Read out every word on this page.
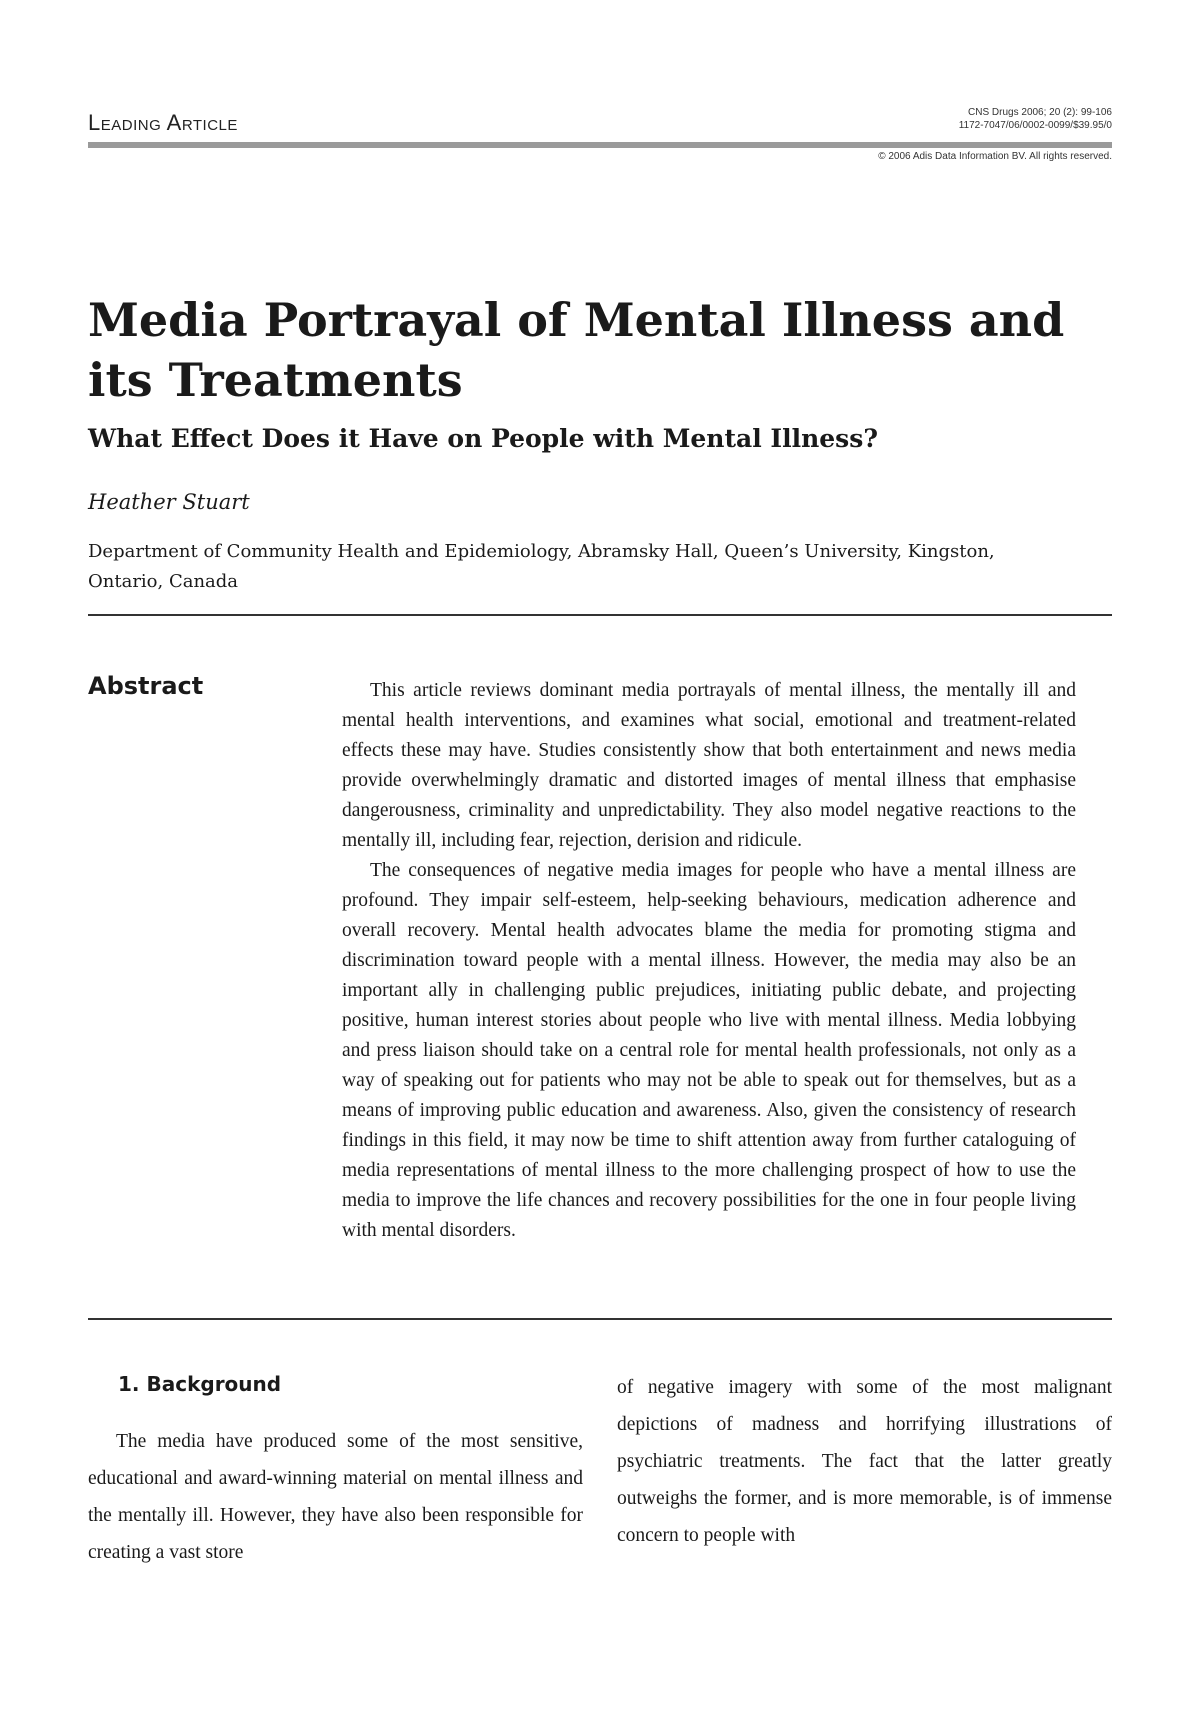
Leading Article	CNS Drugs 2006; 20 (2): 99-106
1172-7047/06/0002-0099/$39.95/0
© 2006 Adis Data Information BV. All rights reserved.
Media Portrayal of Mental Illness and its Treatments
What Effect Does it Have on People with Mental Illness?
Heather Stuart
Department of Community Health and Epidemiology, Abramsky Hall, Queen’s University, Kingston, Ontario, Canada
Abstract	This article reviews dominant media portrayals of mental illness, the mentally ill and mental health interventions, and examines what social, emotional and treatment-related effects these may have. Studies consistently show that both entertainment and news media provide overwhelmingly dramatic and distorted images of mental illness that emphasise dangerousness, criminality and unpredictability. They also model negative reactions to the mentally ill, including fear, rejection, derision and ridicule.

The consequences of negative media images for people who have a mental illness are profound. They impair self-esteem, help-seeking behaviours, medication adherence and overall recovery. Mental health advocates blame the media for promoting stigma and discrimination toward people with a mental illness. However, the media may also be an important ally in challenging public prejudices, initiating public debate, and projecting positive, human interest stories about people who live with mental illness. Media lobbying and press liaison should take on a central role for mental health professionals, not only as a way of speaking out for patients who may not be able to speak out for themselves, but as a means of improving public education and awareness. Also, given the consistency of research findings in this field, it may now be time to shift attention away from further cataloguing of media representations of mental illness to the more challenging prospect of how to use the media to improve the life chances and recovery possibilities for the one in four people living with mental disorders.

1. Background

The media have produced some of the most sensitive, educational and award-winning material on mental illness and the mentally ill. However, they have also been responsible for creating a vast store

of negative imagery with some of the most malignant depictions of madness and horrifying illustrations of psychiatric treatments. The fact that the latter greatly outweighs the former, and is more memorable, is of immense concern to people with
